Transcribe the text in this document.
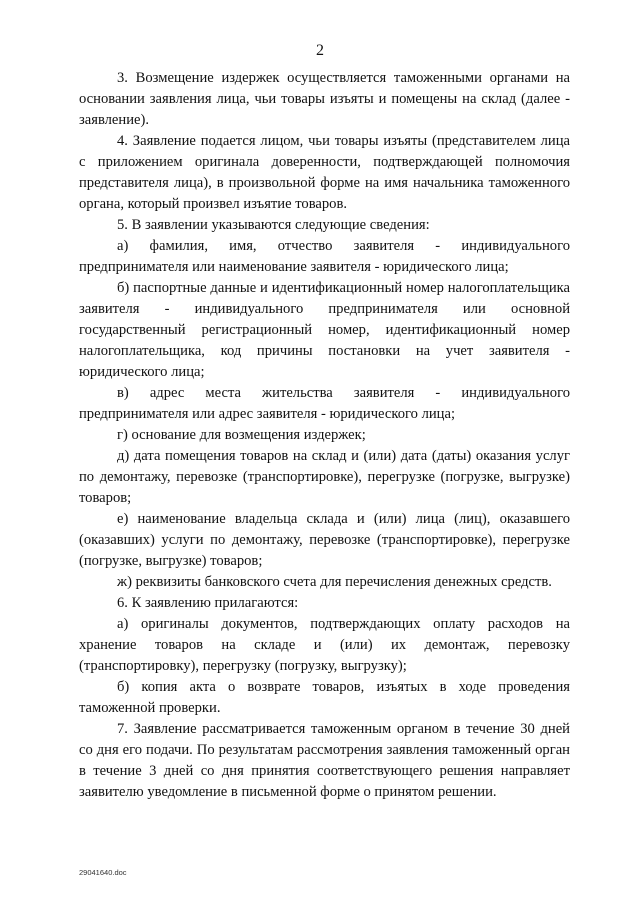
2

3. Возмещение издержек осуществляется таможенными органами на основании заявления лица, чьи товары изъяты и помещены на склад (далее - заявление).

4. Заявление подается лицом, чьи товары изъяты (представителем лица с приложением оригинала доверенности, подтверждающей полномочия представителя лица), в произвольной форме на имя начальника таможенного органа, который произвел изъятие товаров.

5. В заявлении указываются следующие сведения:

а) фамилия, имя, отчество заявителя - индивидуального предпринимателя или наименование заявителя - юридического лица;

б) паспортные данные и идентификационный номер налогоплательщика заявителя - индивидуального предпринимателя или основной государственный регистрационный номер, идентификационный номер налогоплательщика, код причины постановки на учет заявителя - юридического лица;

в) адрес места жительства заявителя - индивидуального предпринимателя или адрес заявителя - юридического лица;

г) основание для возмещения издержек;

д) дата помещения товаров на склад и (или) дата (даты) оказания услуг по демонтажу, перевозке (транспортировке), перегрузке (погрузке, выгрузке) товаров;

е) наименование владельца склада и (или) лица (лиц), оказавшего (оказавших) услуги по демонтажу, перевозке (транспортировке), перегрузке (погрузке, выгрузке) товаров;

ж) реквизиты банковского счета для перечисления денежных средств.

6. К заявлению прилагаются:

а) оригиналы документов, подтверждающих оплату расходов на хранение товаров на складе и (или) их демонтаж, перевозку (транспортировку), перегрузку (погрузку, выгрузку);

б) копия акта о возврате товаров, изъятых в ходе проведения таможенной проверки.

7. Заявление рассматривается таможенным органом в течение 30 дней со дня его подачи. По результатам рассмотрения заявления таможенный орган в течение 3 дней со дня принятия соответствующего решения направляет заявителю уведомление в письменной форме о принятом решении.

29041640.doc
